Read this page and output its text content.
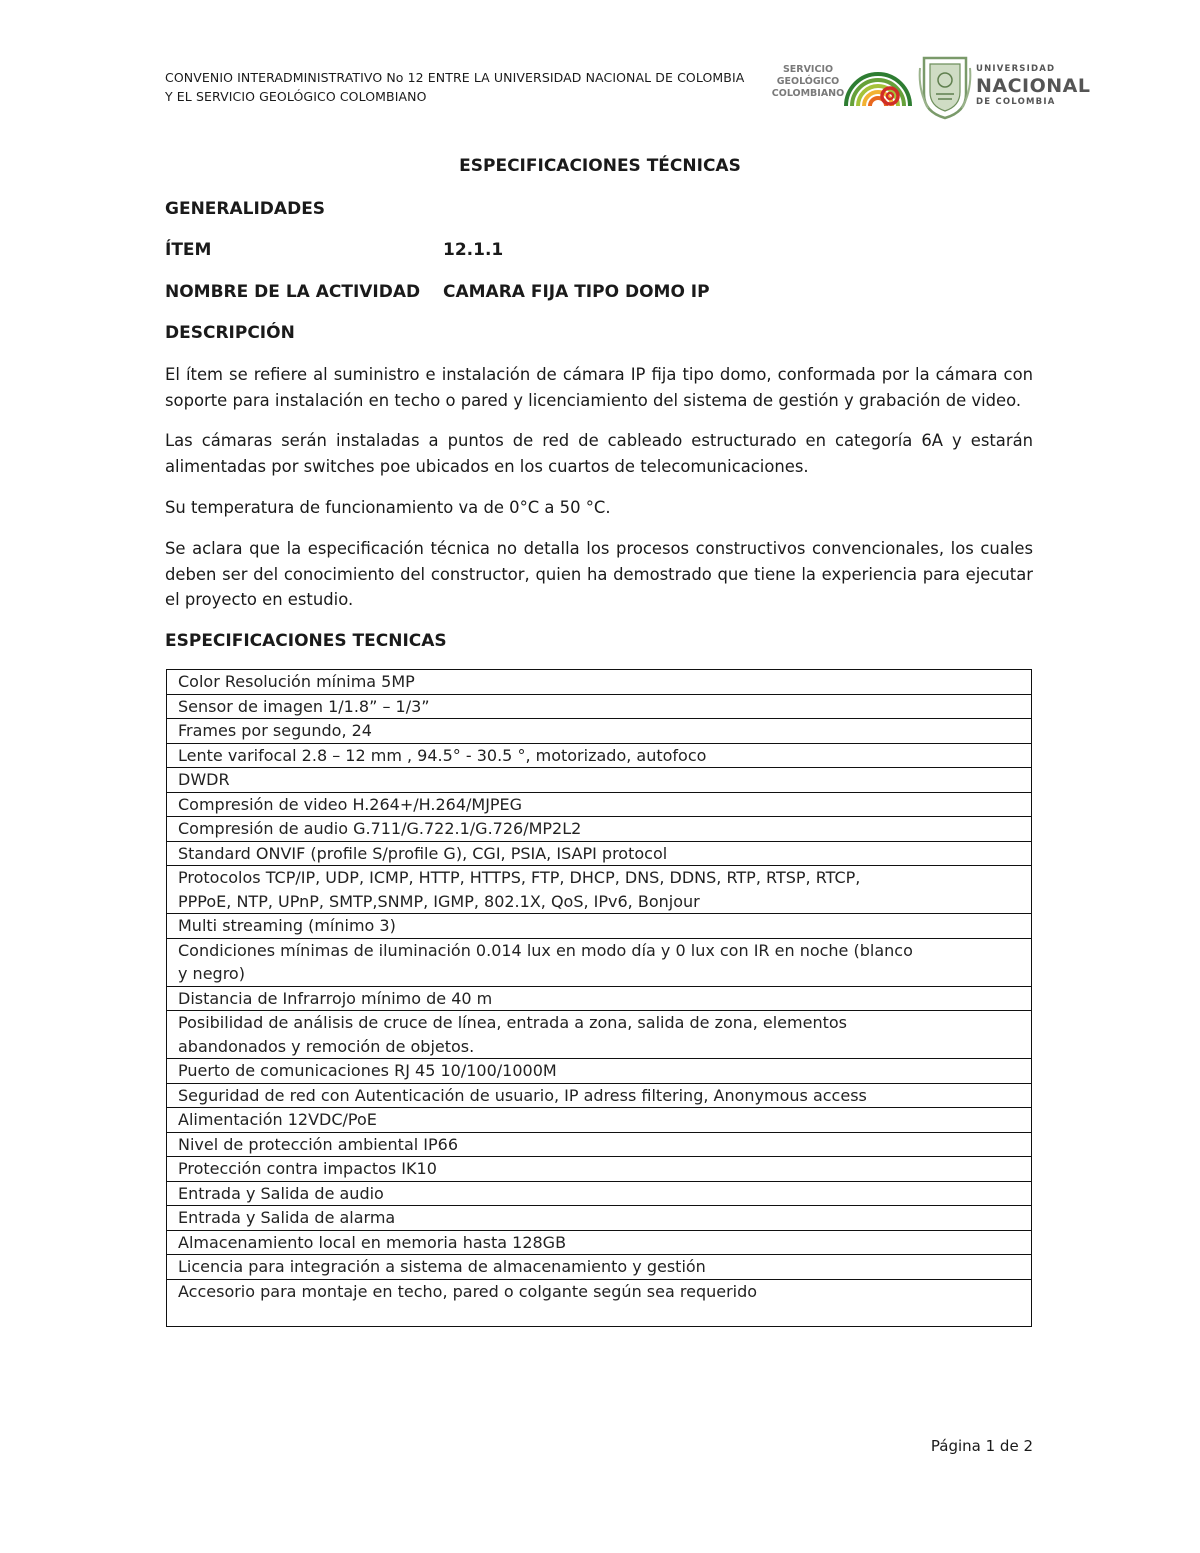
CONVENIO INTERADMINISTRATIVO No 12 ENTRE LA UNIVERSIDAD NACIONAL DE COLOMBIA
Y EL SERVICIO GEOLÓGICO COLOMBIANO
SERVICIO
GEOLÓGICO
COLOMBIANO
UNIVERSIDAD
NACIONAL
DE COLOMBIA
ESPECIFICACIONES TÉCNICAS
GENERALIDADES
ÍTEM	12.1.1
NOMBRE DE LA ACTIVIDAD CAMARA FIJA TIPO DOMO IP
DESCRIPCIÓN
El ítem se refiere al suministro e instalación de cámara IP fija tipo domo, conformada por la cámara con soporte para instalación en techo o pared y licenciamiento del sistema de gestión y grabación de video.
Las cámaras serán instaladas a puntos de red de cableado estructurado en categoría 6A y estarán alimentadas por switches poe ubicados en los cuartos de telecomunicaciones.
Su temperatura de funcionamiento va de 0°C a 50 °C.
Se aclara que la especificación técnica no detalla los procesos constructivos convencionales, los cuales deben ser del conocimiento del constructor, quien ha demostrado que tiene la experiencia para ejecutar el proyecto en estudio.
ESPECIFICACIONES TECNICAS
Color Resolución mínima 5MP
Sensor de imagen 1/1.8” – 1/3”
Frames por segundo, 24
Lente varifocal 2.8 – 12 mm , 94.5° - 30.5 °, motorizado, autofoco
DWDR
Compresión de video H.264+/H.264/MJPEG
Compresión de audio G.711/G.722.1/G.726/MP2L2
Standard ONVIF (profile S/profile G), CGI, PSIA, ISAPI protocol
Protocolos TCP/IP, UDP, ICMP, HTTP, HTTPS, FTP, DHCP, DNS, DDNS, RTP, RTSP, RTCP,
PPPoE, NTP, UPnP, SMTP,SNMP, IGMP, 802.1X, QoS, IPv6, Bonjour
Multi streaming (mínimo 3)
Condiciones mínimas de iluminación 0.014 lux en modo día y 0 lux con IR en noche (blanco
y negro)
Distancia de Infrarrojo mínimo de 40 m
Posibilidad de análisis de cruce de línea, entrada a zona, salida de zona, elementos
abandonados y remoción de objetos.
Puerto de comunicaciones RJ 45 10/100/1000M
Seguridad de red con Autenticación de usuario, IP adress filtering, Anonymous access
Alimentación 12VDC/PoE
Nivel de protección ambiental IP66
Protección contra impactos IK10
Entrada y Salida de audio
Entrada y Salida de alarma
Almacenamiento local en memoria hasta 128GB
Licencia para integración a sistema de almacenamiento y gestión
Accesorio para montaje en techo, pared o colgante según sea requerido
Página 1 de 2
